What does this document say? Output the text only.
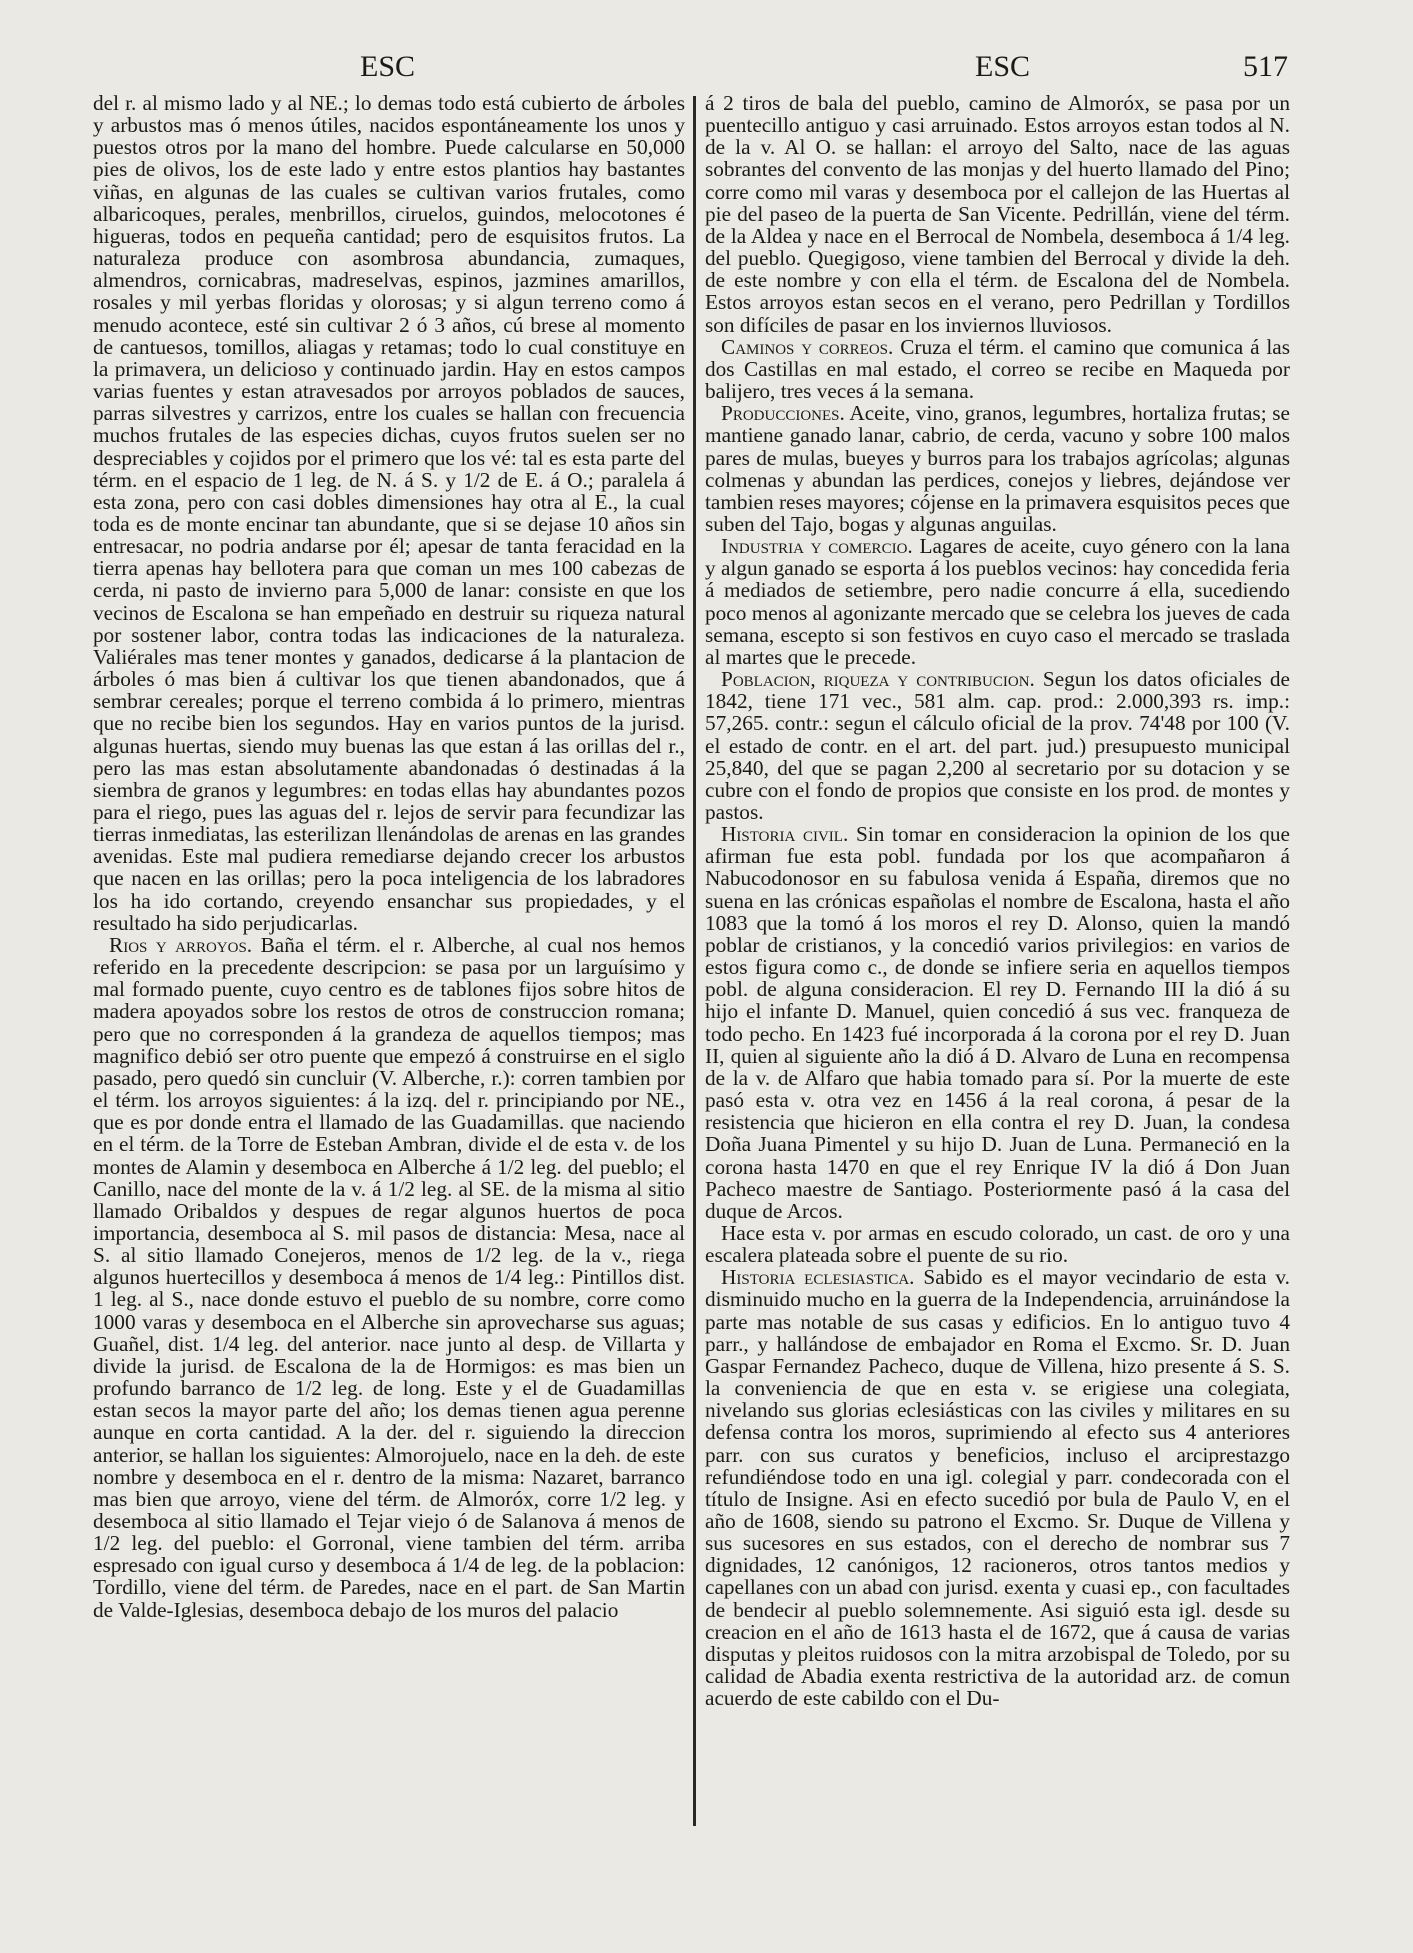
ESC	ESC	517

del r. al mismo lado y al NE.; lo demas todo está cubierto de árboles y arbustos mas ó menos útiles, nacidos espontáneamente los unos y puestos otros por la mano del hombre. Puede calcularse en 50,000 pies de olivos, los de este lado y entre estos plantios hay bastantes viñas, en algunas de las cuales se cultivan varios frutales, como albaricoques, perales, menbrillos, ciruelos, guindos, melocotones é higueras, todos en pequeña cantidad; pero de esquisitos frutos. La naturaleza produce con asombrosa abundancia, zumaques, almendros, cornicabras, madreselvas, espinos, jazmines amarillos, rosales y mil yerbas floridas y olorosas; y si algun terreno como á menudo acontece, esté sin cultivar 2 ó 3 años, cú brese al momento de cantuesos, tomillos, aliagas y retamas; todo lo cual constituye en la primavera, un delicioso y continuado jardin. Hay en estos campos varias fuentes y estan atravesados por arroyos poblados de sauces, parras silvestres y carrizos, entre los cuales se hallan con frecuencia muchos frutales de las especies dichas, cuyos frutos suelen ser no despreciables y cojidos por el primero que los vé: tal es esta parte del térm. en el espacio de 1 leg. de N. á S. y 1/2 de E. á O.; paralela á esta zona, pero con casi dobles dimensiones hay otra al E., la cual toda es de monte encinar tan abundante, que si se dejase 10 años sin entresacar, no podria andarse por él; apesar de tanta feracidad en la tierra apenas hay bellotera para que coman un mes 100 cabezas de cerda, ni pasto de invierno para 5,000 de lanar: consiste en que los vecinos de Escalona se han empeñado en destruir su riqueza natural por sostener labor, contra todas las indicaciones de la naturaleza. Valiérales mas tener montes y ganados, dedicarse á la plantacion de árboles ó mas bien á cultivar los que tienen abandonados, que á sembrar cereales; porque el terreno combida á lo primero, mientras que no recibe bien los segundos. Hay en varios puntos de la jurisd. algunas huertas, siendo muy buenas las que estan á las orillas del r., pero las mas estan absolutamente abandonadas ó destinadas á la siembra de granos y legumbres: en todas ellas hay abundantes pozos para el riego, pues las aguas del r. lejos de servir para fecundizar las tierras inmediatas, las esterilizan llenándolas de arenas en las grandes avenidas. Este mal pudiera remediarse dejando crecer los arbustos que nacen en las orillas; pero la poca inteligencia de los labradores los ha ido cortando, creyendo ensanchar sus propiedades, y el resultado ha sido perjudicarlas.

Rios y arroyos. Baña el térm. el r. Alberche, al cual nos hemos referido en la precedente descripcion: se pasa por un larguísimo y mal formado puente, cuyo centro es de tablones fijos sobre hitos de madera apoyados sobre los restos de otros de construccion romana; pero que no corresponden á la grandeza de aquellos tiempos; mas magnifico debió ser otro puente que empezó á construirse en el siglo pasado, pero quedó sin cuncluir (V. Alberche, r.): corren tambien por el térm. los arroyos siguientes: á la izq. del r. principiando por NE., que es por donde entra el llamado de las Guadamillas. que naciendo en el térm. de la Torre de Esteban Ambran, divide el de esta v. de los montes de Alamin y desemboca en Alberche á 1/2 leg. del pueblo; el Canillo, nace del monte de la v. á 1/2 leg. al SE. de la misma al sitio llamado Oribaldos y despues de regar algunos huertos de poca importancia, desemboca al S. mil pasos de distancia: Mesa, nace al S. al sitio llamado Conejeros, menos de 1/2 leg. de la v., riega algunos huertecillos y desemboca á menos de 1/4 leg.: Pintillos dist. 1 leg. al S., nace donde estuvo el pueblo de su nombre, corre como 1000 varas y desemboca en el Alberche sin aprovecharse sus aguas; Guañel, dist. 1/4 leg. del anterior. nace junto al desp. de Villarta y divide la jurisd. de Escalona de la de Hormigos: es mas bien un profundo barranco de 1/2 leg. de long. Este y el de Guadamillas estan secos la mayor parte del año; los demas tienen agua perenne aunque en corta cantidad. A la der. del r. siguiendo la direccion anterior, se hallan los siguientes: Almorojuelo, nace en la deh. de este nombre y desemboca en el r. dentro de la misma: Nazaret, barranco mas bien que arroyo, viene del térm. de Almoróx, corre 1/2 leg. y desemboca al sitio llamado el Tejar viejo ó de Salanova á menos de 1/2 leg. del pueblo: el Gorronal, viene tambien del térm. arriba espresado con igual curso y desemboca á 1/4 de leg. de la poblacion: Tordillo, viene del térm. de Paredes, nace en el part. de San Martin de Valde-Iglesias, desemboca debajo de los muros del palacio

á 2 tiros de bala del pueblo, camino de Almoróx, se pasa por un puentecillo antiguo y casi arruinado. Estos arroyos estan todos al N. de la v. Al O. se hallan: el arroyo del Salto, nace de las aguas sobrantes del convento de las monjas y del huerto llamado del Pino; corre como mil varas y desemboca por el callejon de las Huertas al pie del paseo de la puerta de San Vicente. Pedrillán, viene del térm. de la Aldea y nace en el Berrocal de Nombela, desemboca á 1/4 leg. del pueblo. Quegigoso, viene tambien del Berrocal y divide la deh. de este nombre y con ella el térm. de Escalona del de Nombela. Estos arroyos estan secos en el verano, pero Pedrillan y Tordillos son difíciles de pasar en los inviernos lluviosos.

Caminos y correos. Cruza el térm. el camino que comunica á las dos Castillas en mal estado, el correo se recibe en Maqueda por balijero, tres veces á la semana.

Producciones. Aceite, vino, granos, legumbres, hortaliza frutas; se mantiene ganado lanar, cabrio, de cerda, vacuno y sobre 100 malos pares de mulas, bueyes y burros para los trabajos agrícolas; algunas colmenas y abundan las perdices, conejos y liebres, dejándose ver tambien reses mayores; cójense en la primavera esquisitos peces que suben del Tajo, bogas y algunas anguilas.

Industria y comercio. Lagares de aceite, cuyo género con la lana y algun ganado se esporta á los pueblos vecinos: hay concedida feria á mediados de setiembre, pero nadie concurre á ella, sucediendo poco menos al agonizante mercado que se celebra los jueves de cada semana, escepto si son festivos en cuyo caso el mercado se traslada al martes que le precede.

Poblacion, riqueza y contribucion. Segun los datos oficiales de 1842, tiene 171 vec., 581 alm. cap. prod.: 2.000,393 rs. imp.: 57,265. contr.: segun el cálculo oficial de la prov. 74'48 por 100 (V. el estado de contr. en el art. del part. jud.) presupuesto municipal 25,840, del que se pagan 2,200 al secretario por su dotacion y se cubre con el fondo de propios que consiste en los prod. de montes y pastos.

Historia civil. Sin tomar en consideracion la opinion de los que afirman fue esta pobl. fundada por los que acompañaron á Nabucodonosor en su fabulosa venida á España, diremos que no suena en las crónicas españolas el nombre de Escalona, hasta el año 1083 que la tomó á los moros el rey D. Alonso, quien la mandó poblar de cristianos, y la concedió varios privilegios: en varios de estos figura como c., de donde se infiere seria en aquellos tiempos pobl. de alguna consideracion. El rey D. Fernando III la dió á su hijo el infante D. Manuel, quien concedió á sus vec. franqueza de todo pecho. En 1423 fué incorporada á la corona por el rey D. Juan II, quien al siguiente año la dió á D. Alvaro de Luna en recompensa de la v. de Alfaro que habia tomado para sí. Por la muerte de este pasó esta v. otra vez en 1456 á la real corona, á pesar de la resistencia que hicieron en ella contra el rey D. Juan, la condesa Doña Juana Pimentel y su hijo D. Juan de Luna. Permaneció en la corona hasta 1470 en que el rey Enrique IV la dió á Don Juan Pacheco maestre de Santiago. Posteriormente pasó á la casa del duque de Arcos.

Hace esta v. por armas en escudo colorado, un cast. de oro y una escalera plateada sobre el puente de su rio.

Historia eclesiastica. Sabido es el mayor vecindario de esta v. disminuido mucho en la guerra de la Independencia, arruinándose la parte mas notable de sus casas y edificios. En lo antiguo tuvo 4 parr., y hallándose de embajador en Roma el Excmo. Sr. D. Juan Gaspar Fernandez Pacheco, duque de Villena, hizo presente á S. S. la conveniencia de que en esta v. se erigiese una colegiata, nivelando sus glorias eclesiásticas con las civiles y militares en su defensa contra los moros, suprimiendo al efecto sus 4 anteriores parr. con sus curatos y beneficios, incluso el arciprestazgo refundiéndose todo en una igl. colegial y parr. condecorada con el título de Insigne. Asi en efecto sucedió por bula de Paulo V, en el año de 1608, siendo su patrono el Excmo. Sr. Duque de Villena y sus sucesores en sus estados, con el derecho de nombrar sus 7 dignidades, 12 canónigos, 12 racioneros, otros tantos medios y capellanes con un abad con jurisd. exenta y cuasi ep., con facultades de bendecir al pueblo solemnemente. Asi siguió esta igl. desde su creacion en el año de 1613 hasta el de 1672, que á causa de varias disputas y pleitos ruidosos con la mitra arzobispal de Toledo, por su calidad de Abadia exenta restrictiva de la autoridad arz. de comun acuerdo de este cabildo con el Du-
